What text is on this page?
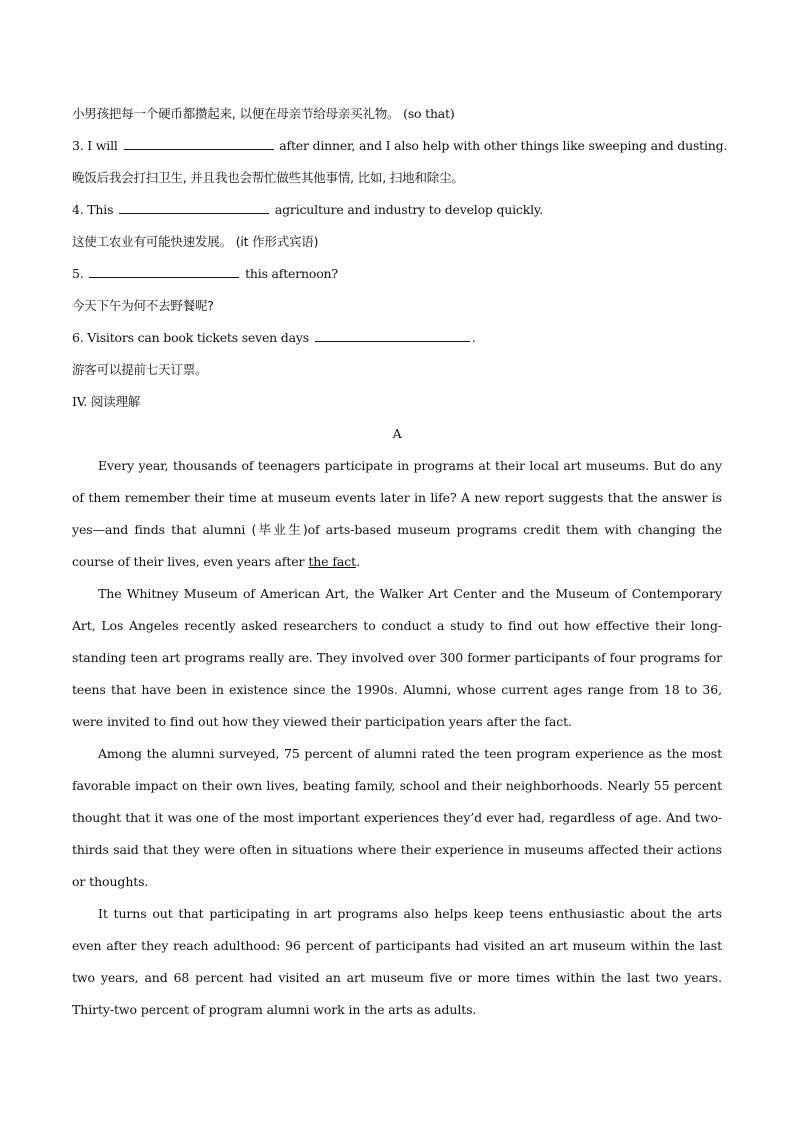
小男孩把每一个硬币都攒起来, 以便在母亲节给母亲买礼物。 (so that)
3. I will	after dinner, and I also help with other things like sweeping and dusting.
晚饭后我会打扫卫生, 并且我也会帮忙做些其他事情, 比如, 扫地和除尘。
4. This	agriculture and industry to develop quickly.
这使工农业有可能快速发展。 (it 作形式宾语)
5.	this afternoon?
今天下午为何不去野餐呢?
6. Visitors can book tickets seven days	.
游客可以提前七天订票。
IV. 阅读理解
A
Every year, thousands of teenagers participate in programs at their local art museums. But do any of them remember their time at museum events later in life? A new report suggests that the answer is yes—and finds that alumni (毕业生)of arts-based museum programs credit them with changing the course of their lives, even years after the fact.
The Whitney Museum of American Art, the Walker Art Center and the Museum of Contemporary Art, Los Angeles recently asked researchers to conduct a study to find out how effective their long-standing teen art programs really are. They involved over 300 former participants of four programs for teens that have been in existence since the 1990s. Alumni, whose current ages range from 18 to 36, were invited to find out how they viewed their participation years after the fact.
Among the alumni surveyed, 75 percent of alumni rated the teen program experience as the most favorable impact on their own lives, beating family, school and their neighborhoods. Nearly 55 percent thought that it was one of the most important experiences they’d ever had, regardless of age. And two-thirds said that they were often in situations where their experience in museums affected their actions or thoughts.
It turns out that participating in art programs also helps keep teens enthusiastic about the arts even after they reach adulthood: 96 percent of participants had visited an art museum within the last two years, and 68 percent had visited an art museum five or more times within the last two years. Thirty-two percent of program alumni work in the arts as adults.
